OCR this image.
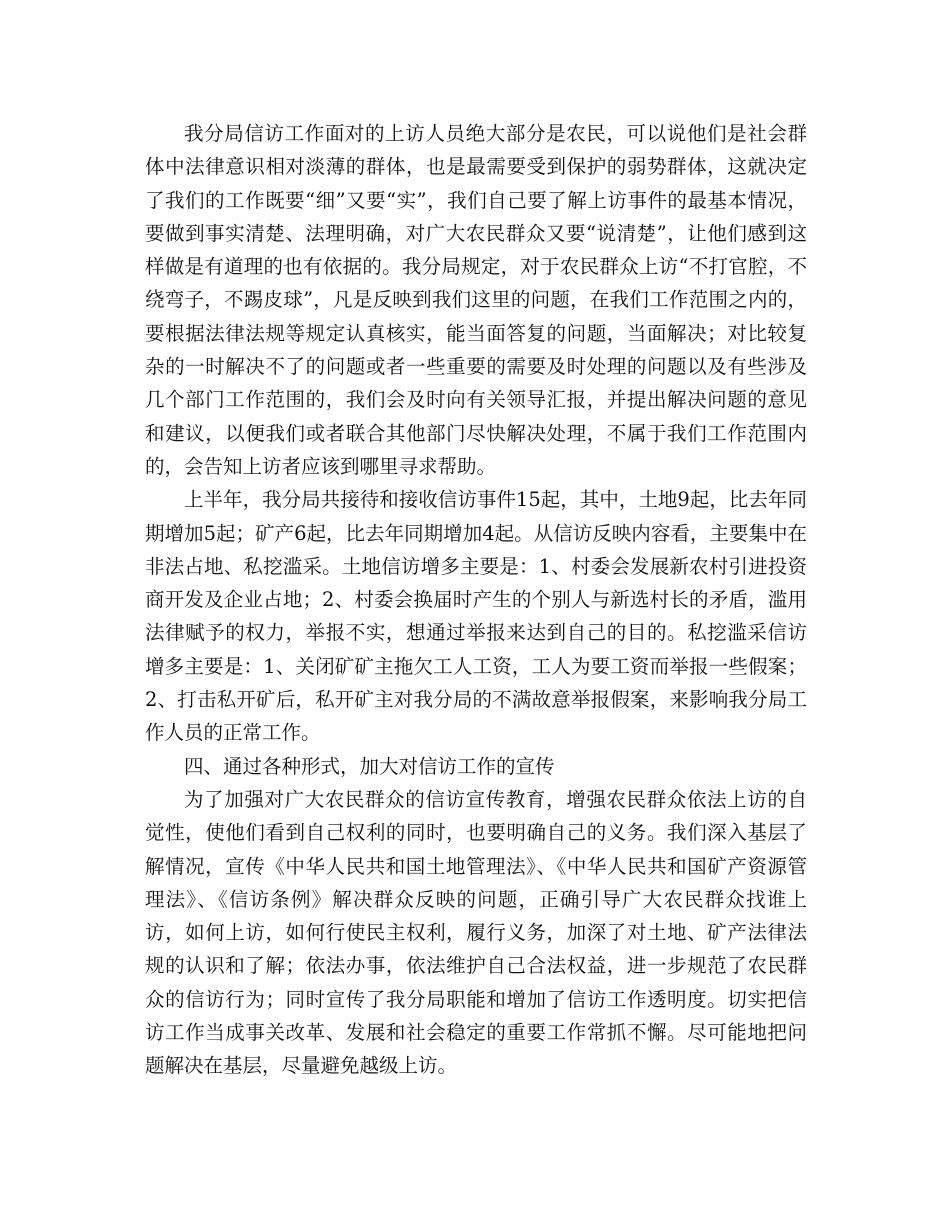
我分局信访工作面对的上访人员绝大部分是农民，可以说他们是社会群体中法律意识相对淡薄的群体，也是最需要受到保护的弱势群体，这就决定了我们的工作既要“细”又要“实”，我们自己要了解上访事件的最基本情况，要做到事实清楚、法理明确，对广大农民群众又要“说清楚”，让他们感到这样做是有道理的也有依据的。我分局规定，对于农民群众上访“不打官腔，不绕弯子，不踢皮球”，凡是反映到我们这里的问题，在我们工作范围之内的，要根据法律法规等规定认真核实，能当面答复的问题，当面解决；对比较复杂的一时解决不了的问题或者一些重要的需要及时处理的问题以及有些涉及几个部门工作范围的，我们会及时向有关领导汇报，并提出解决问题的意见和建议，以便我们或者联合其他部门尽快解决处理，不属于我们工作范围内的，会告知上访者应该到哪里寻求帮助。

上半年，我分局共接待和接收信访事件15起，其中，土地9起，比去年同期增加5起；矿产6起，比去年同期增加4起。从信访反映内容看，主要集中在非法占地、私挖滥采。土地信访增多主要是：1、村委会发展新农村引进投资商开发及企业占地；2、村委会换届时产生的个别人与新选村长的矛盾，滥用法律赋予的权力，举报不实，想通过举报来达到自己的目的。私挖滥采信访增多主要是：1、关闭矿矿主拖欠工人工资，工人为要工资而举报一些假案；2、打击私开矿后，私开矿主对我分局的不满故意举报假案，来影响我分局工作人员的正常工作。

四、通过各种形式，加大对信访工作的宣传

为了加强对广大农民群众的信访宣传教育，增强农民群众依法上访的自觉性，使他们看到自己权利的同时，也要明确自己的义务。我们深入基层了解情况，宣传《中华人民共和国土地管理法》、《中华人民共和国矿产资源管理法》、《信访条例》解决群众反映的问题，正确引导广大农民群众找谁上访，如何上访，如何行使民主权利，履行义务，加深了对土地、矿产法律法规的认识和了解；依法办事，依法维护自己合法权益，进一步规范了农民群众的信访行为；同时宣传了我分局职能和增加了信访工作透明度。切实把信访工作当成事关改革、发展和社会稳定的重要工作常抓不懈。尽可能地把问题解决在基层，尽量避免越级上访。
